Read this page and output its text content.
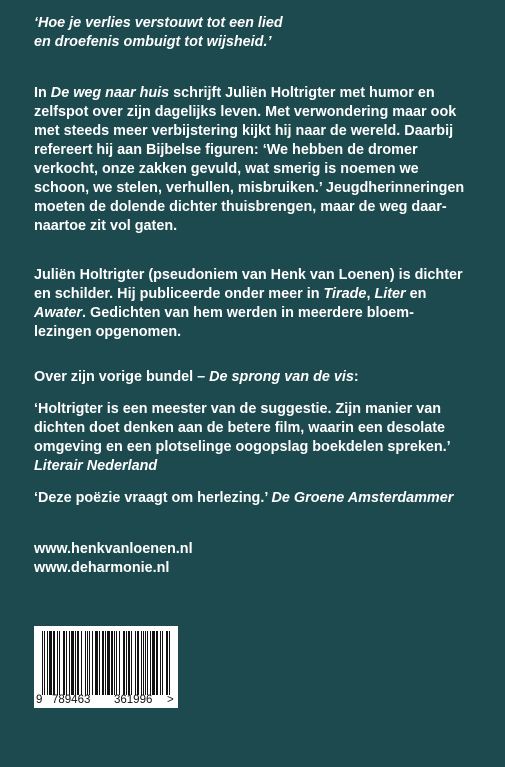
‘Hoe je verlies verstouwt tot een lied
en droefenis ombuigt tot wijsheid.’
In De weg naar huis schrijft Juliën Holtrigter met humor en
zelfspot over zijn dagelijks leven. Met verwondering maar ook
met steeds meer verbijstering kijkt hij naar de wereld. Daarbij
refereert hij aan Bijbelse figuren: ‘We hebben de dromer
verkocht, onze zakken gevuld, wat smerig is noemen we
schoon, we stelen, verhullen, misbruiken.’ Jeugdherinneringen
moeten de dolende dichter thuisbrengen, maar de weg daar-
naartoe zit vol gaten.
Juliën Holtrigter (pseudoniem van Henk van Loenen) is dichter
en schilder. Hij publiceerde onder meer in Tirade, Liter en
Awater. Gedichten van hem werden in meerdere bloem-
lezingen opgenomen.
Over zijn vorige bundel – De sprong van de vis:
‘Holtrigter is een meester van de suggestie. Zijn manier van
dichten doet denken aan de betere film, waarin een desolate
omgeving en een plotselinge oogopslag boekdelen spreken.’
Literair Nederland
‘Deze poëzie vraagt om herlezing.’ De Groene Amsterdammer
www.henkvanloenen.nl
www.deharmonie.nl
9 789463 361996 >
